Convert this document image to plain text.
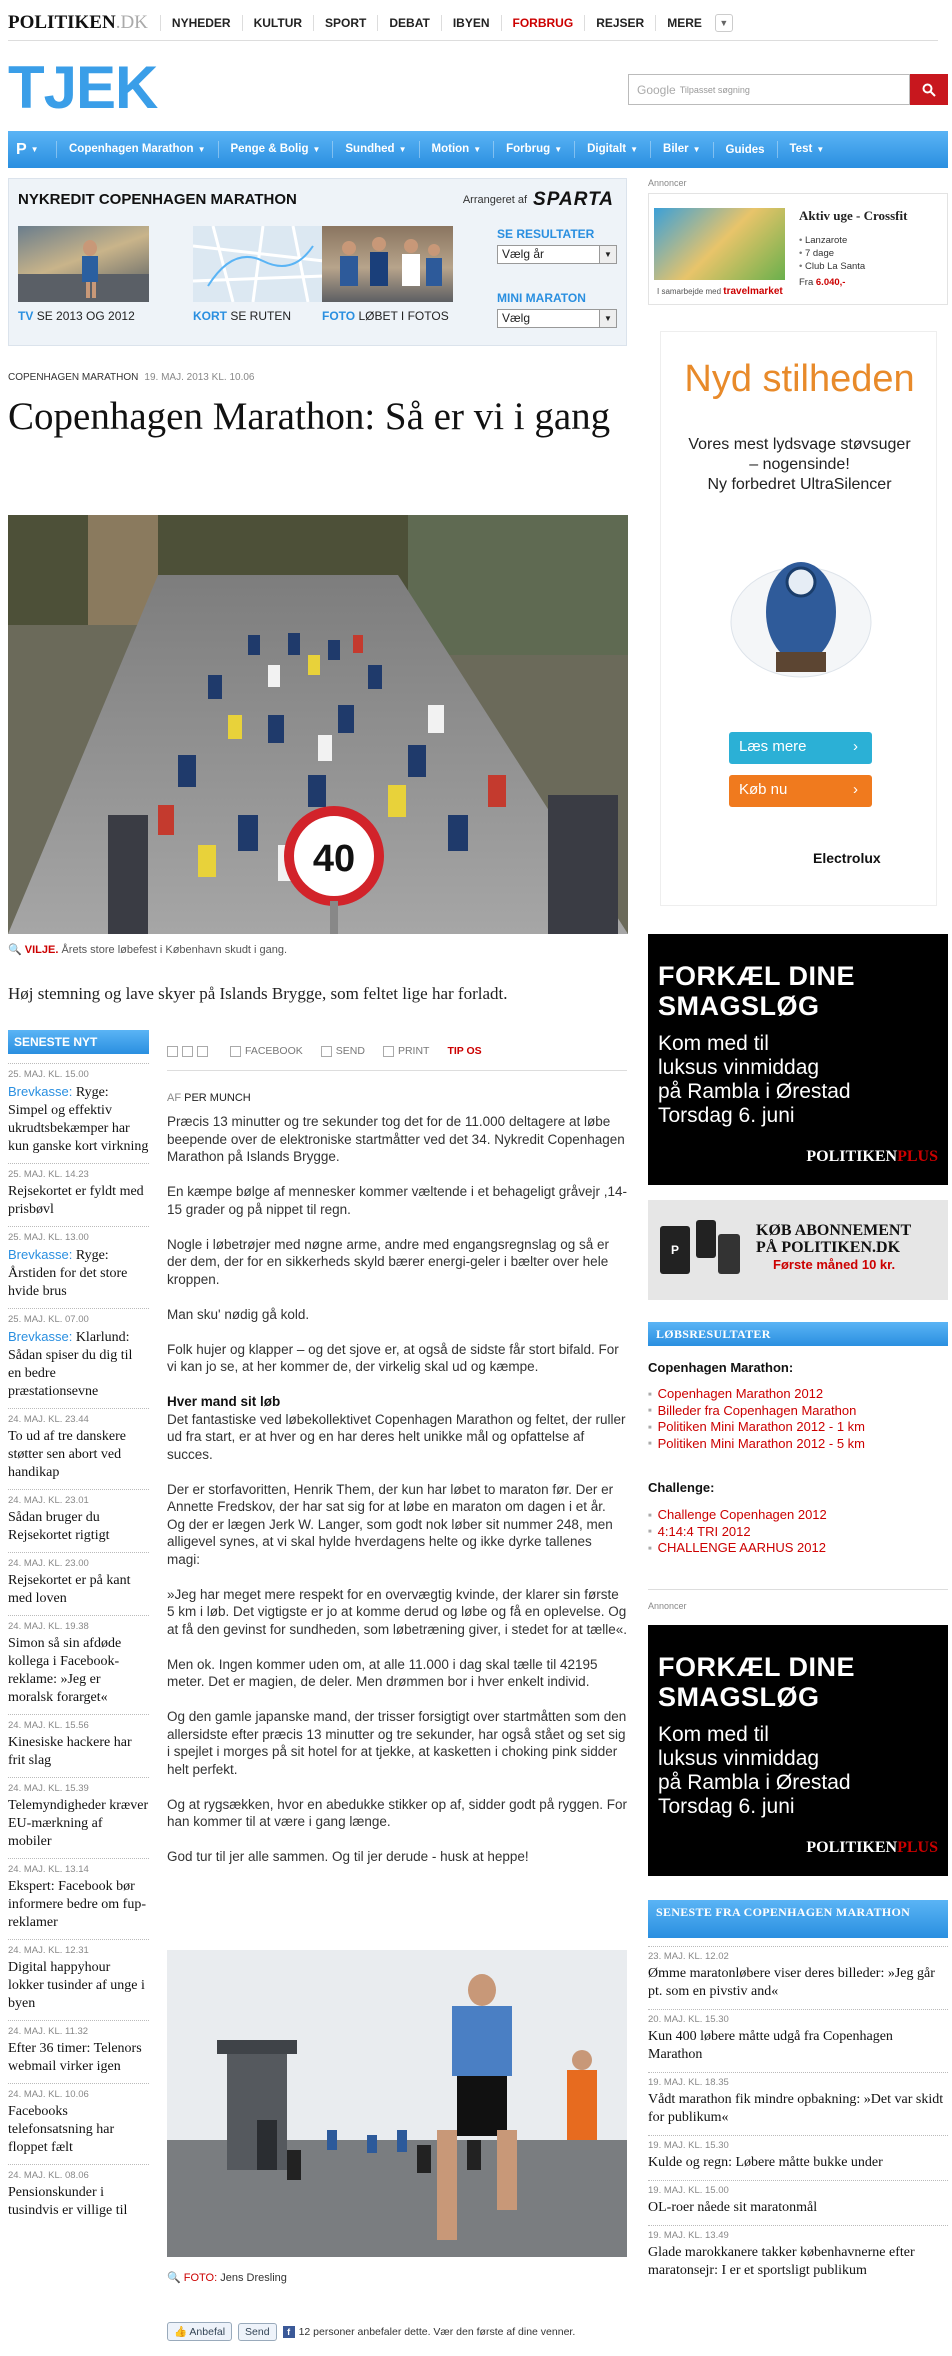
POLITIKEN.DK	NYHEDER	KULTUR	SPORT	DEBAT	IBYEN	FORBRUG	REJSER	MERE	▼
TJEK	Google Tilpasset søgning
P ▼	Copenhagen Marathon ▼	Penge & Bolig ▼	Sundhed ▼	Motion ▼	Forbrug ▼	Digitalt ▼	Biler ▼	Guides	Test ▼
NYKREDIT COPENHAGEN MARATHON	Arrangeret af SPARTA
TV SE 2013 OG 2012	KORT SE RUTEN	FOTO LØBET I FOTOS
SE RESULTATER
Vælg år ▼
MINI MARATON
Vælg ▼
COPENHAGEN MARATHON 19. MAJ. 2013 KL. 10.06
Copenhagen Marathon: Så er vi i gang
40
🔍 VILJE. Årets store løbefest i København skudt i gang.
Høj stemning og lave skyer på Islands Brygge, som feltet lige har forladt.
SENESTE NYT
25. MAJ. KL. 15.00
Brevkasse: Ryge: Simpel og effektiv ukrudtsbekæmper har kun ganske kort virkning
25. MAJ. KL. 14.23
Rejsekortet er fyldt med prisbøvl
25. MAJ. KL. 13.00
Brevkasse: Ryge: Årstiden for det store hvide brus
25. MAJ. KL. 07.00
Brevkasse: Klarlund: Sådan spiser du dig til en bedre præstationsevne
24. MAJ. KL. 23.44
To ud af tre danskere støtter sen abort ved handikap
24. MAJ. KL. 23.01
Sådan bruger du Rejsekortet rigtigt
24. MAJ. KL. 23.00
Rejsekortet er på kant med loven
24. MAJ. KL. 19.38
Simon så sin afdøde kollega i Facebook-reklame: »Jeg er moralsk forarget«
24. MAJ. KL. 15.56
Kinesiske hackere har frit slag
24. MAJ. KL. 15.39
Telemyndigheder kræver EU-mærkning af mobiler
24. MAJ. KL. 13.14
Ekspert: Facebook bør informere bedre om fup-reklamer
24. MAJ. KL. 12.31
Digital happyhour lokker tusinder af unge i byen
24. MAJ. KL. 11.32
Efter 36 timer: Telenors webmail virker igen
24. MAJ. KL. 10.06
Facebooks telefonsatsning har floppet fælt
24. MAJ. KL. 08.06
Pensionskunder i tusindvis er villige til
FACEBOOK	SEND	PRINT TIP OS
AF PER MUNCH

Præcis 13 minutter og tre sekunder tog det for de 11.000 deltagere at løbe beepende over de elektroniske startmåtter ved det 34. Nykredit Copenhagen Marathon på Islands Brygge.

En kæmpe bølge af mennesker kommer væltende i et behageligt gråvejr ,14-15 grader og på nippet til regn.

Nogle i løbetrøjer med nøgne arme, andre med engangsregnslag og så er der dem, der for en sikkerheds skyld bærer energi-geler i bælter over hele kroppen.

Man sku' nødig gå kold.

Folk hujer og klapper – og det sjove er, at også de sidste får stort bifald. For vi kan jo se, at her kommer de, der virkelig skal ud og kæmpe.

Hver mand sit løb

Det fantastiske ved løbekollektivet Copenhagen Marathon og feltet, der ruller ud fra start, er at hver og en har deres helt unikke mål og opfattelse af succes.

Der er storfavoritten, Henrik Them, der kun har løbet to maraton før. Der er Annette Fredskov, der har sat sig for at løbe en maraton om dagen i et år. Og der er lægen Jerk W. Langer, som godt nok løber sit nummer 248, men alligevel synes, at vi skal hylde hverdagens helte og ikke dyrke tallenes magi:

»Jeg har meget mere respekt for en overvægtig kvinde, der klarer sin første 5 km i løb. Det vigtigste er jo at komme derud og løbe og få en oplevelse. Og at få den gevinst for sundheden, som løbetræning giver, i stedet for at tælle«.

Men ok. Ingen kommer uden om, at alle 11.000 i dag skal tælle til 42195 meter. Det er magien, de deler. Men drømmen bor i hver enkelt individ.

Og den gamle japanske mand, der trisser forsigtigt over startmåtten som den allersidste efter præcis 13 minutter og tre sekunder, har også stået og set sig i spejlet i morges på sit hotel for at tjekke, at kasketten i choking pink sidder helt perfekt.

Og at rygsækken, hvor en abedukke stikker op af, sidder godt på ryggen. For han kommer til at være i gang længe.

God tur til jer alle sammen. Og til jer derude - husk at heppe!

🔍 FOTO: Jens Dresling
👍 Anbefal	Send	f 12 personer anbefaler dette. Vær den første af dine venner.
Annoncer
Aktiv uge - Crossfit
• Lanzarote
• 7 dage
• Club La Santa
Fra 6.040,-
I samarbejde med travelmarket
Nyd stilheden
Vores mest lydsvage støvsuger
– nogensinde!
Ny forbedret UltraSilencer
Læs mere	›
Køb nu	›
Electrolux
FORKÆL DINE
SMAGSLØG
Kom med til
luksus vinmiddag
på Rambla i Ørestad
Torsdag 6. juni
POLITIKENPLUS
P
KØB ABONNEMENT
PÅ POLITIKEN.DK
Første måned 10 kr.
LØBSRESULTATER
Copenhagen Marathon:
■ Copenhagen Marathon 2012
■ Billeder fra Copenhagen Marathon
■ Politiken Mini Marathon 2012 - 1 km
■ Politiken Mini Marathon 2012 - 5 km
Challenge:
■ Challenge Copenhagen 2012
■ 4:14:4 TRI 2012
■ CHALLENGE AARHUS 2012
Annoncer
FORKÆL DINE
SMAGSLØG
Kom med til
luksus vinmiddag
på Rambla i Ørestad
Torsdag 6. juni
POLITIKENPLUS
SENESTE FRA COPENHAGEN MARATHON
23. MAJ. KL. 12.02
Ømme maratonløbere viser deres billeder: »Jeg går pt. som en pivstiv and«
20. MAJ. KL. 15.30
Kun 400 løbere måtte udgå fra Copenhagen Marathon
19. MAJ. KL. 18.35
Vådt marathon fik mindre opbakning: »Det var skidt for publikum«
19. MAJ. KL. 15.30
Kulde og regn: Løbere måtte bukke under
19. MAJ. KL. 15.00
OL-roer nåede sit maratonmål
19. MAJ. KL. 13.49
Glade marokkanere takker københavnerne efter maratonsejr: I er et sportsligt publikum
